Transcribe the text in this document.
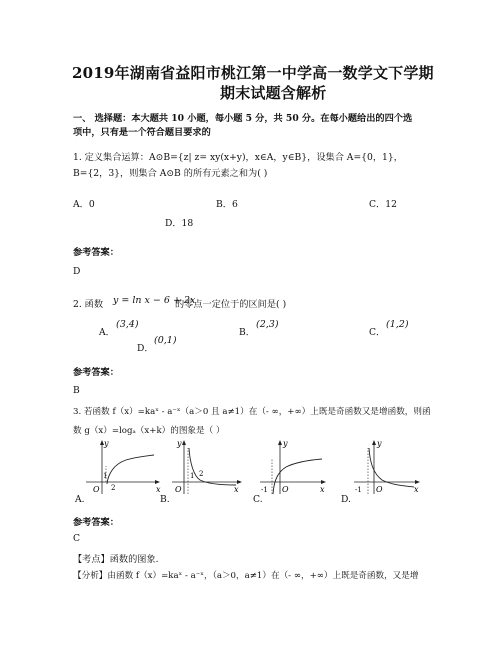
2019年湖南省益阳市桃江第一中学高一数学文下学期
期末试题含解析
一、 选择题：本大题共 10 小题，每小题 5 分，共 50 分。在每小题给出的四个选
项中，只有是一个符合题目要求的
1. 定义集合运算：A⊙B={z| z= xy(x+y)，x∈A，y∈B}，设集合 A={0，1}，
B={2，3}，则集合 A⊙B 的所有元素之和为( )
A．0	B．6	C．12
D．18
参考答案：
D
2. 函数 y = ln x − 6 + 2x
的零点一定位于的区间是( )
A．
(3,4)
B．
(2,3)
C．
(1,2)
D．
(0,1)
参考答案：
B
3. 若函数 f（x）=kaˣ - a⁻ˣ（a＞0 且 a≠1）在（- ∞，+∞）上既是奇函数又是增函数，则函
数 g（x）=logₐ（x+k）的图象是（ ）
y
x
O
1
2
A.
y
x
O
1 2
B.
y
x
O
-1
C.
y
x
O
-1
D.
参考答案：
C
【考点】函数的图象.
【分析】由函数 f（x）=kaˣ - a⁻ˣ，（a＞0，a≠1）在（- ∞，+∞）上既是奇函数，又是增
